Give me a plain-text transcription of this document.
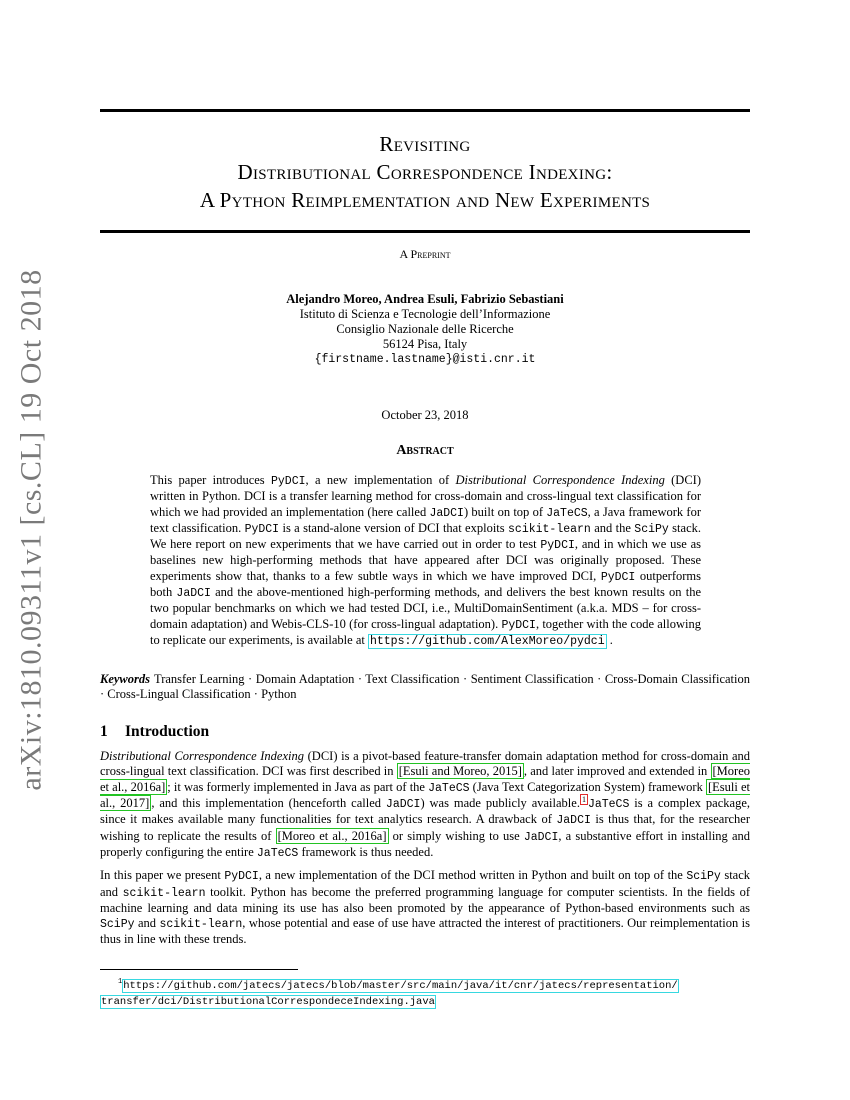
arXiv:1810.09311v1 [cs.CL] 19 Oct 2018
Revisiting
Distributional Correspondence Indexing:
A Python Reimplementation and New Experiments
A Preprint
Alejandro Moreo, Andrea Esuli, Fabrizio Sebastiani
Istituto di Scienza e Tecnologie dell’Informazione
Consiglio Nazionale delle Ricerche
56124 Pisa, Italy
{firstname.lastname}@isti.cnr.it
October 23, 2018
Abstract
This paper introduces PyDCI, a new implementation of Distributional Correspondence Indexing (DCI) written in Python. DCI is a transfer learning method for cross-domain and cross-lingual text classification for which we had provided an implementation (here called JaDCI) built on top of JaTeCS, a Java framework for text classification. PyDCI is a stand-alone version of DCI that exploits scikit-learn and the SciPy stack. We here report on new experiments that we have carried out in order to test PyDCI, and in which we use as baselines new high-performing methods that have appeared after DCI was originally proposed. These experiments show that, thanks to a few subtle ways in which we have improved DCI, PyDCI outperforms both JaDCI and the above-mentioned high-performing methods, and delivers the best known results on the two popular benchmarks on which we had tested DCI, i.e., MultiDomainSentiment (a.k.a. MDS – for cross-domain adaptation) and Webis-CLS-10 (for cross-lingual adaptation). PyDCI, together with the code allowing to replicate our experiments, is available at https://github.com/AlexMoreo/pydci .
Keywords Transfer Learning · Domain Adaptation · Text Classification · Sentiment Classification · Cross-Domain Classification · Cross-Lingual Classification · Python
1 Introduction

Distributional Correspondence Indexing (DCI) is a pivot-based feature-transfer domain adaptation method for cross-domain and cross-lingual text classification. DCI was first described in [Esuli and Moreo, 2015] , and later improved and extended in [Moreo et al., 2016a] ; it was formerly implemented in Java as part of the JaTeCS (Java Text Categorization System) framework [Esuli et al., 2017] , and this implementation (henceforth called JaDCI) was made publicly available. $^1$ JaTeCS is a complex package, since it makes available many functionalities for text analytics research. A drawback of JaDCI is thus that, for the researcher wishing to replicate the results of [Moreo et al., 2016a] or simply wishing to use JaDCI, a substantive effort in installing and properly configuring the entire JaTeCS framework is thus needed.

In this paper we present PyDCI, a new implementation of the DCI method written in Python and built on top of the SciPy stack and scikit-learn toolkit. Python has become the preferred programming language for computer scientists. In the fields of machine learning and data mining its use has also been promoted by the appearance of Python-based environments such as SciPy and scikit-learn, whose potential and ease of use have attracted the interest of practitioners. Our reimplementation is thus in line with these trends.

$^1$https://github.com/jatecs/jatecs/blob/master/src/main/java/it/cnr/jatecs/representation/
transfer/dci/DistributionalCorrespondeceIndexing.java
